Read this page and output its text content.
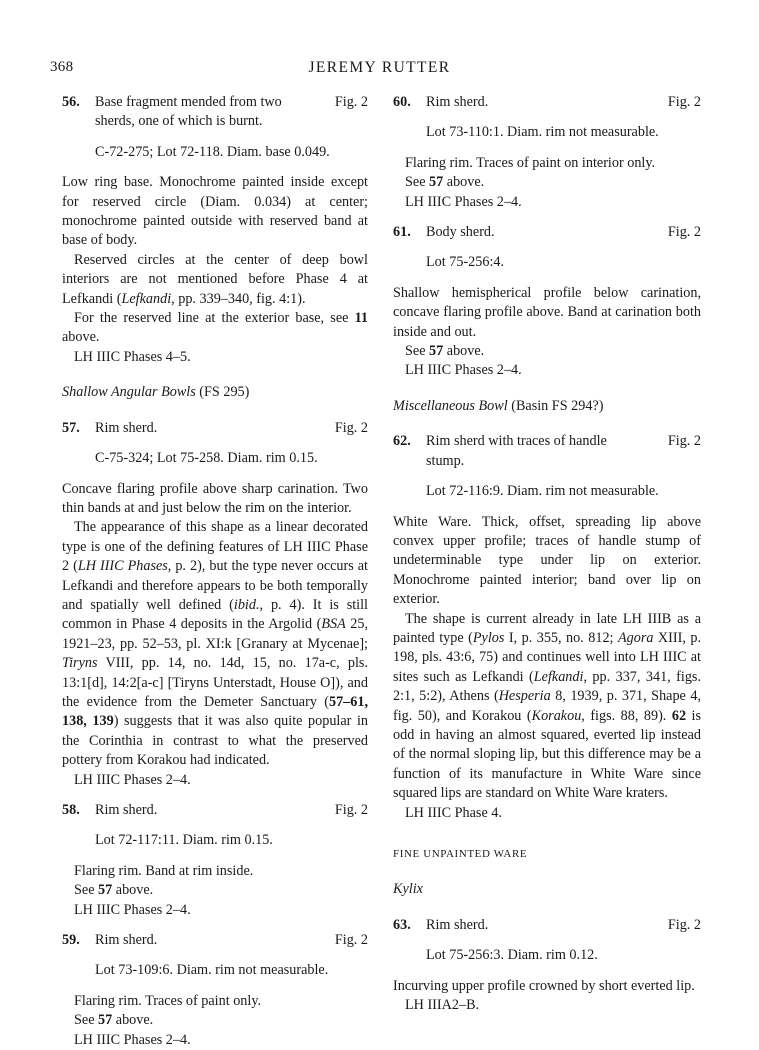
368	JEREMY RUTTER
56. Base fragment mended from two
sherds, one of which is burnt.
Fig. 2

C-72-275; Lot 72-118. Diam. base 0.049.

Low ring base. Monochrome painted inside except for reserved circle (Diam. 0.034) at center; monochrome painted outside with reserved band at base of body.

Reserved circles at the center of deep bowl interiors are not mentioned before Phase 4 at Lefkandi (Lefkandi, pp. 339–340, fig. 4:1).

For the reserved line at the exterior base, see 11 above.

LH IIIC Phases 4–5.

Shallow Angular Bowls (FS 295)

57. Rim sherd.	Fig. 2

C-75-324; Lot 75-258. Diam. rim 0.15.

Concave flaring profile above sharp carination. Two thin bands at and just below the rim on the interior.

The appearance of this shape as a linear decorated type is one of the defining features of LH IIIC Phase 2 (LH IIIC Phases, p. 2), but the type never occurs at Lefkandi and therefore appears to be both temporally and spatially well defined (ibid., p. 4). It is still common in Phase 4 deposits in the Argolid (BSA 25, 1921–23, pp. 52–53, pl. XI:k [Granary at Mycenae]; Tiryns VIII, pp. 14, no. 14d, 15, no. 17a-c, pls. 13:1[d], 14:2[a-c] [Tiryns Unterstadt, House O]), and the evidence from the Demeter Sanctuary (57–61, 138, 139) suggests that it was also quite popular in the Corinthia in contrast to what the preserved pottery from Korakou had indicated.

LH IIIC Phases 2–4.

58. Rim sherd.	Fig. 2

Lot 72-117:11. Diam. rim 0.15.

Flaring rim. Band at rim inside.

See 57 above.

LH IIIC Phases 2–4.

59. Rim sherd.	Fig. 2

Lot 73-109:6. Diam. rim not measurable.

Flaring rim. Traces of paint only.

See 57 above.

LH IIIC Phases 2–4.

60. Rim sherd.	Fig. 2

Lot 73-110:1. Diam. rim not measurable.

Flaring rim. Traces of paint on interior only.

See 57 above.

LH IIIC Phases 2–4.

61. Body sherd.	Fig. 2

Lot 75-256:4.

Shallow hemispherical profile below carination, concave flaring profile above. Band at carination both inside and out.

See 57 above.

LH IIIC Phases 2–4.

Miscellaneous Bowl (Basin FS 294?)

62. Rim sherd with traces of handle
stump.
Fig. 2

Lot 72-116:9. Diam. rim not measurable.

White Ware. Thick, offset, spreading lip above convex upper profile; traces of handle stump of undeterminable type under lip on exterior. Monochrome painted interior; band over lip on exterior.

The shape is current already in late LH IIIB as a painted type (Pylos I, p. 355, no. 812; Agora XIII, p. 198, pls. 43:6, 75) and continues well into LH IIIC at sites such as Lefkandi (Lefkandi, pp. 337, 341, figs. 2:1, 5:2), Athens (Hesperia 8, 1939, p. 371, Shape 4, fig. 50), and Korakou (Korakou, figs. 88, 89). 62 is odd in having an almost squared, everted lip instead of the normal sloping lip, but this difference may be a function of its manufacture in White Ware since squared lips are standard on White Ware kraters.

LH IIIC Phase 4.

FINE UNPAINTED WARE

Kylix

63. Rim sherd.	Fig. 2

Lot 75-256:3. Diam. rim 0.12.

Incurving upper profile crowned by short everted lip.

LH IIIA2–B.
